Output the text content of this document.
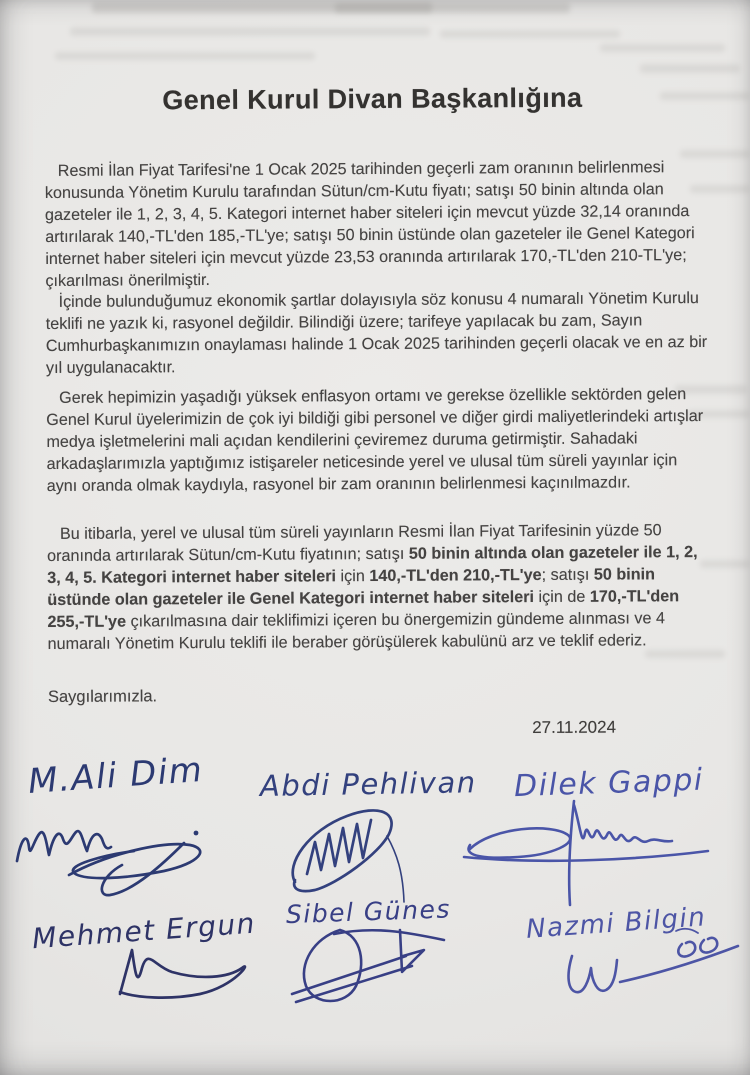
Genel Kurul Divan Başkanlığına

Resmi İlan Fiyat Tarifesi'ne 1 Ocak 2025 tarihinden geçerli zam oranının belirlenmesi konusunda Yönetim Kurulu tarafından Sütun/cm-Kutu fiyatı; satışı 50 binin altında olan gazeteler ile 1, 2, 3, 4, 5. Kategori internet haber siteleri için mevcut yüzde 32,14 oranında artırılarak 140,-TL'den 185,-TL'ye; satışı 50 binin üstünde olan gazeteler ile Genel Kategori internet haber siteleri için mevcut yüzde 23,53 oranında artırılarak 170,-TL'den 210-TL'ye; çıkarılması önerilmiştir.

İçinde bulunduğumuz ekonomik şartlar dolayısıyla söz konusu 4 numaralı Yönetim Kurulu teklifi ne yazık ki, rasyonel değildir. Bilindiği üzere; tarifeye yapılacak bu zam, Sayın Cumhurbaşkanımızın onaylaması halinde 1 Ocak 2025 tarihinden geçerli olacak ve en az bir yıl uygulanacaktır.

Gerek hepimizin yaşadığı yüksek enflasyon ortamı ve gerekse özellikle sektörden gelen Genel Kurul üyelerimizin de çok iyi bildiği gibi personel ve diğer girdi maliyetlerindeki artışlar medya işletmelerini mali açıdan kendilerini çeviremez duruma getirmiştir. Sahadaki arkadaşlarımızla yaptığımız istişareler neticesinde yerel ve ulusal tüm süreli yayınlar için aynı oranda olmak kaydıyla, rasyonel bir zam oranının belirlenmesi kaçınılmazdır.

Bu itibarla, yerel ve ulusal tüm süreli yayınların Resmi İlan Fiyat Tarifesinin yüzde 50 oranında artırılarak Sütun/cm-Kutu fiyatının; satışı 50 binin altında olan gazeteler ile 1, 2, 3, 4, 5. Kategori internet haber siteleri için 140,-TL'den 210,-TL'ye; satışı 50 binin üstünde olan gazeteler ile Genel Kategori internet haber siteleri için de 170,-TL'den 255,-TL'ye çıkarılmasına dair teklifimizi içeren bu önergemizin gündeme alınması ve 4 numaralı Yönetim Kurulu teklifi ile beraber görüşülerek kabulünü arz ve teklif ederiz.

Saygılarımızla.

27.11.2024
M.Ali Dim Abdi Pehlivan Dilek Gappi
Mehmet Ergun Sibel Günes	Nazmi Bilgin
